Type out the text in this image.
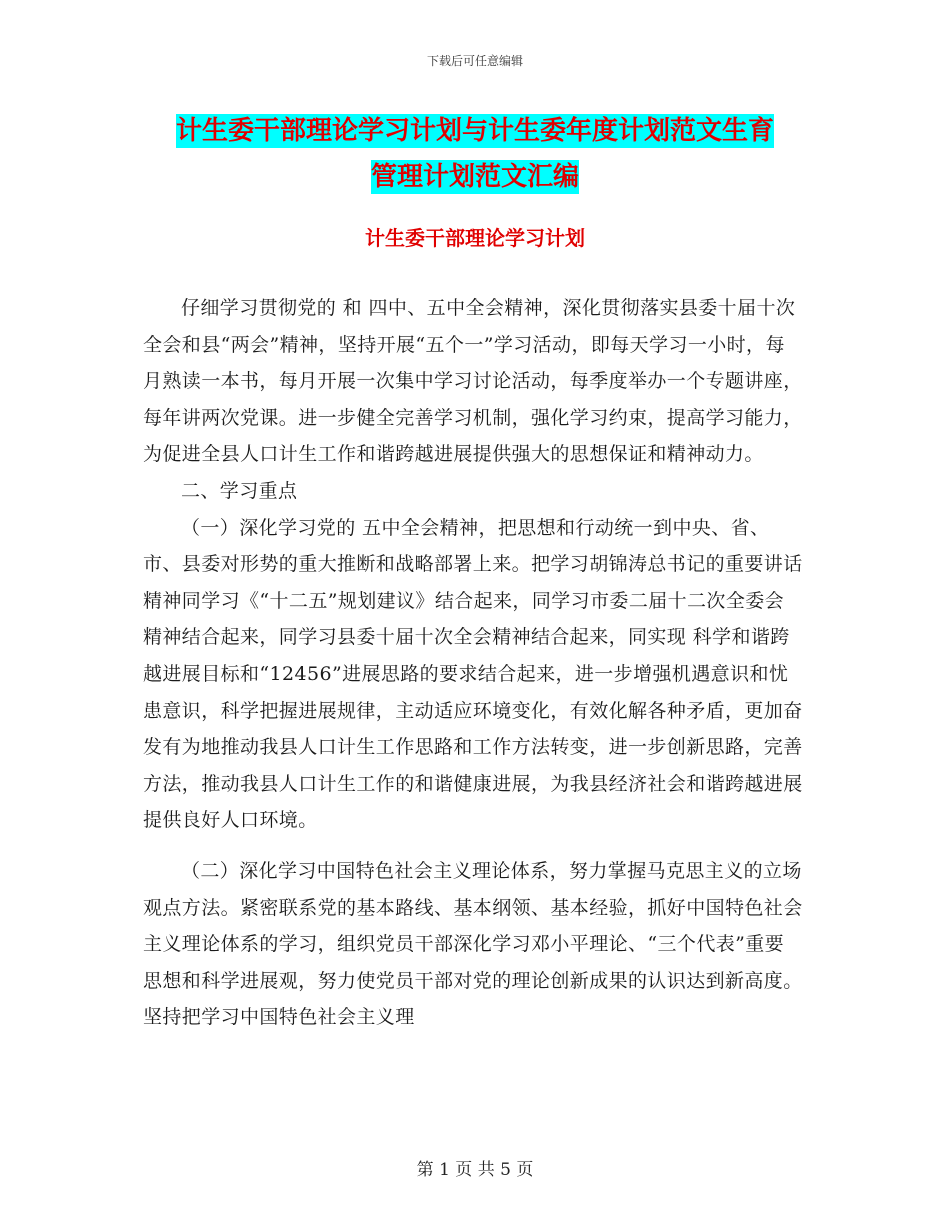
下载后可任意编辑
计生委干部理论学习计划与计生委年度计划范文生育
管理计划范文汇编
计生委干部理论学习计划

仔细学习贯彻党的 和 四中、五中全会精神，深化贯彻落实县委十届十次全会和县“两会”精神，坚持开展“五个一”学习活动，即每天学习一小时，每月熟读一本书，每月开展一次集中学习讨论活动，每季度举办一个专题讲座，每年讲两次党课。进一步健全完善学习机制，强化学习约束，提高学习能力，为促进全县人口计生工作和谐跨越进展提供强大的思想保证和精神动力。

二、学习重点

（一）深化学习党的 五中全会精神，把思想和行动统一到中央、省、市、县委对形势的重大推断和战略部署上来。把学习胡锦涛总书记的重要讲话精神同学习《“十二五”规划建议》结合起来，同学习市委二届十二次全委会精神结合起来，同学习县委十届十次全会精神结合起来，同实现 科学和谐跨越进展目标和“12456”进展思路的要求结合起来，进一步增强机遇意识和忧患意识，科学把握进展规律，主动适应环境变化，有效化解各种矛盾，更加奋发有为地推动我县人口计生工作思路和工作方法转变，进一步创新思路，完善方法，推动我县人口计生工作的和谐健康进展，为我县经济社会和谐跨越进展提供良好人口环境。

（二）深化学习中国特色社会主义理论体系，努力掌握马克思主义的立场观点方法。紧密联系党的基本路线、基本纲领、基本经验，抓好中国特色社会主义理论体系的学习，组织党员干部深化学习邓小平理论、“三个代表”重要思想和科学进展观，努力使党员干部对党的理论创新成果的认识达到新高度。坚持把学习中国特色社会主义理

第 1 页 共 5 页
